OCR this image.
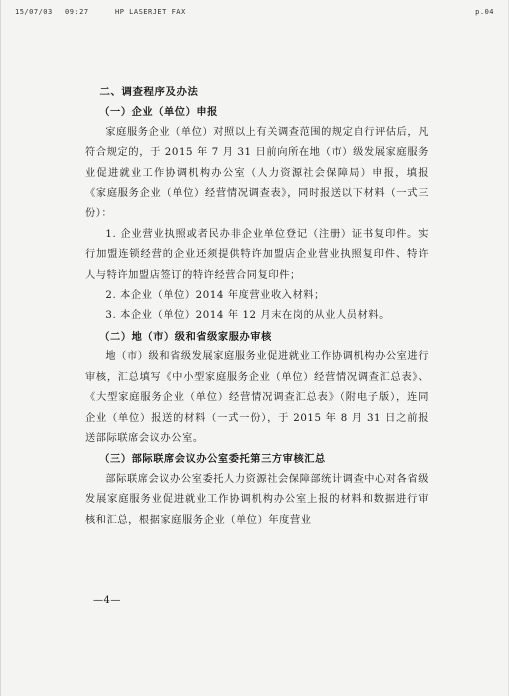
15/07/03 09:27	HP LASERJET FAX	p.04

二、调查程序及办法

（一）企业（单位）申报

家庭服务企业（单位）对照以上有关调查范围的规定自行评估后，凡符合规定的，于 2015 年 7 月 31 日前向所在地（市）级发展家庭服务业促进就业工作协调机构办公室（人力资源社会保障局）申报，填报《家庭服务企业（单位）经营情况调查表》，同时报送以下材料（一式三份）：

1. 企业营业执照或者民办非企业单位登记（注册）证书复印件。实行加盟连锁经营的企业还须提供特许加盟店企业营业执照复印件、特许人与特许加盟店签订的特许经营合同复印件；

2. 本企业（单位）2014 年度营业收入材料；

3. 本企业（单位）2014 年 12 月末在岗的从业人员材料。

（二）地（市）级和省级家服办审核

地（市）级和省级发展家庭服务业促进就业工作协调机构办公室进行审核，汇总填写《中小型家庭服务企业（单位）经营情况调查汇总表》、《大型家庭服务企业（单位）经营情况调查汇总表》（附电子版），连同企业（单位）报送的材料（一式一份），于 2015 年 8 月 31 日之前报送部际联席会议办公室。

（三）部际联席会议办公室委托第三方审核汇总

部际联席会议办公室委托人力资源社会保障部统计调查中心对各省级发展家庭服务业促进就业工作协调机构办公室上报的材料和数据进行审核和汇总，根据家庭服务企业（单位）年度营业

—4—
